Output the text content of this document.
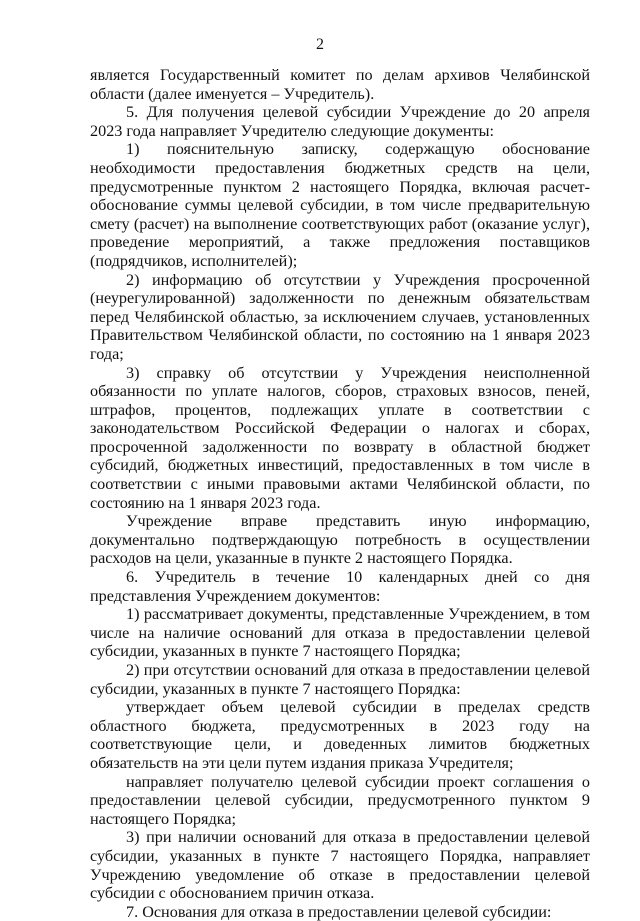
2

является Государственный комитет по делам архивов Челябинской области (далее именуется – Учредитель).

5. Для получения целевой субсидии Учреждение до 20 апреля 2023 года направляет Учредителю следующие документы:

1) пояснительную записку, содержащую обоснование необходимости предоставления бюджетных средств на цели, предусмотренные пунктом 2 настоящего Порядка, включая расчет-обоснование суммы целевой субсидии, в том числе предварительную смету (расчет) на выполнение соответствующих работ (оказание услуг), проведение мероприятий, а также предложения поставщиков (подрядчиков, исполнителей);

2) информацию об отсутствии у Учреждения просроченной (неурегулированной) задолженности по денежным обязательствам перед Челябинской областью, за исключением случаев, установленных Правительством Челябинской области, по состоянию на 1 января 2023 года;

3) справку об отсутствии у Учреждения неисполненной обязанности по уплате налогов, сборов, страховых взносов, пеней, штрафов, процентов, подлежащих уплате в соответствии с законодательством Российской Федерации о налогах и сборах, просроченной задолженности по возврату в областной бюджет субсидий, бюджетных инвестиций, предоставленных в том числе в соответствии с иными правовыми актами Челябинской области, по состоянию на 1 января 2023 года.

Учреждение вправе представить иную информацию, документально подтверждающую потребность в осуществлении расходов на цели, указанные в пункте 2 настоящего Порядка.

6. Учредитель в течение 10 календарных дней со дня представления Учреждением документов:

1) рассматривает документы, представленные Учреждением, в том числе на наличие оснований для отказа в предоставлении целевой субсидии, указанных в пункте 7 настоящего Порядка;

2) при отсутствии оснований для отказа в предоставлении целевой субсидии, указанных в пункте 7 настоящего Порядка:

утверждает объем целевой субсидии в пределах средств областного бюджета, предусмотренных в 2023 году на соответствующие цели, и доведенных лимитов бюджетных обязательств на эти цели путем издания приказа Учредителя;

направляет получателю целевой субсидии проект соглашения о предоставлении целевой субсидии, предусмотренного пунктом 9 настоящего Порядка;

3) при наличии оснований для отказа в предоставлении целевой субсидии, указанных в пункте 7 настоящего Порядка, направляет Учреждению уведомление об отказе в предоставлении целевой субсидии с обоснованием причин отказа.

7. Основания для отказа в предоставлении целевой субсидии:
